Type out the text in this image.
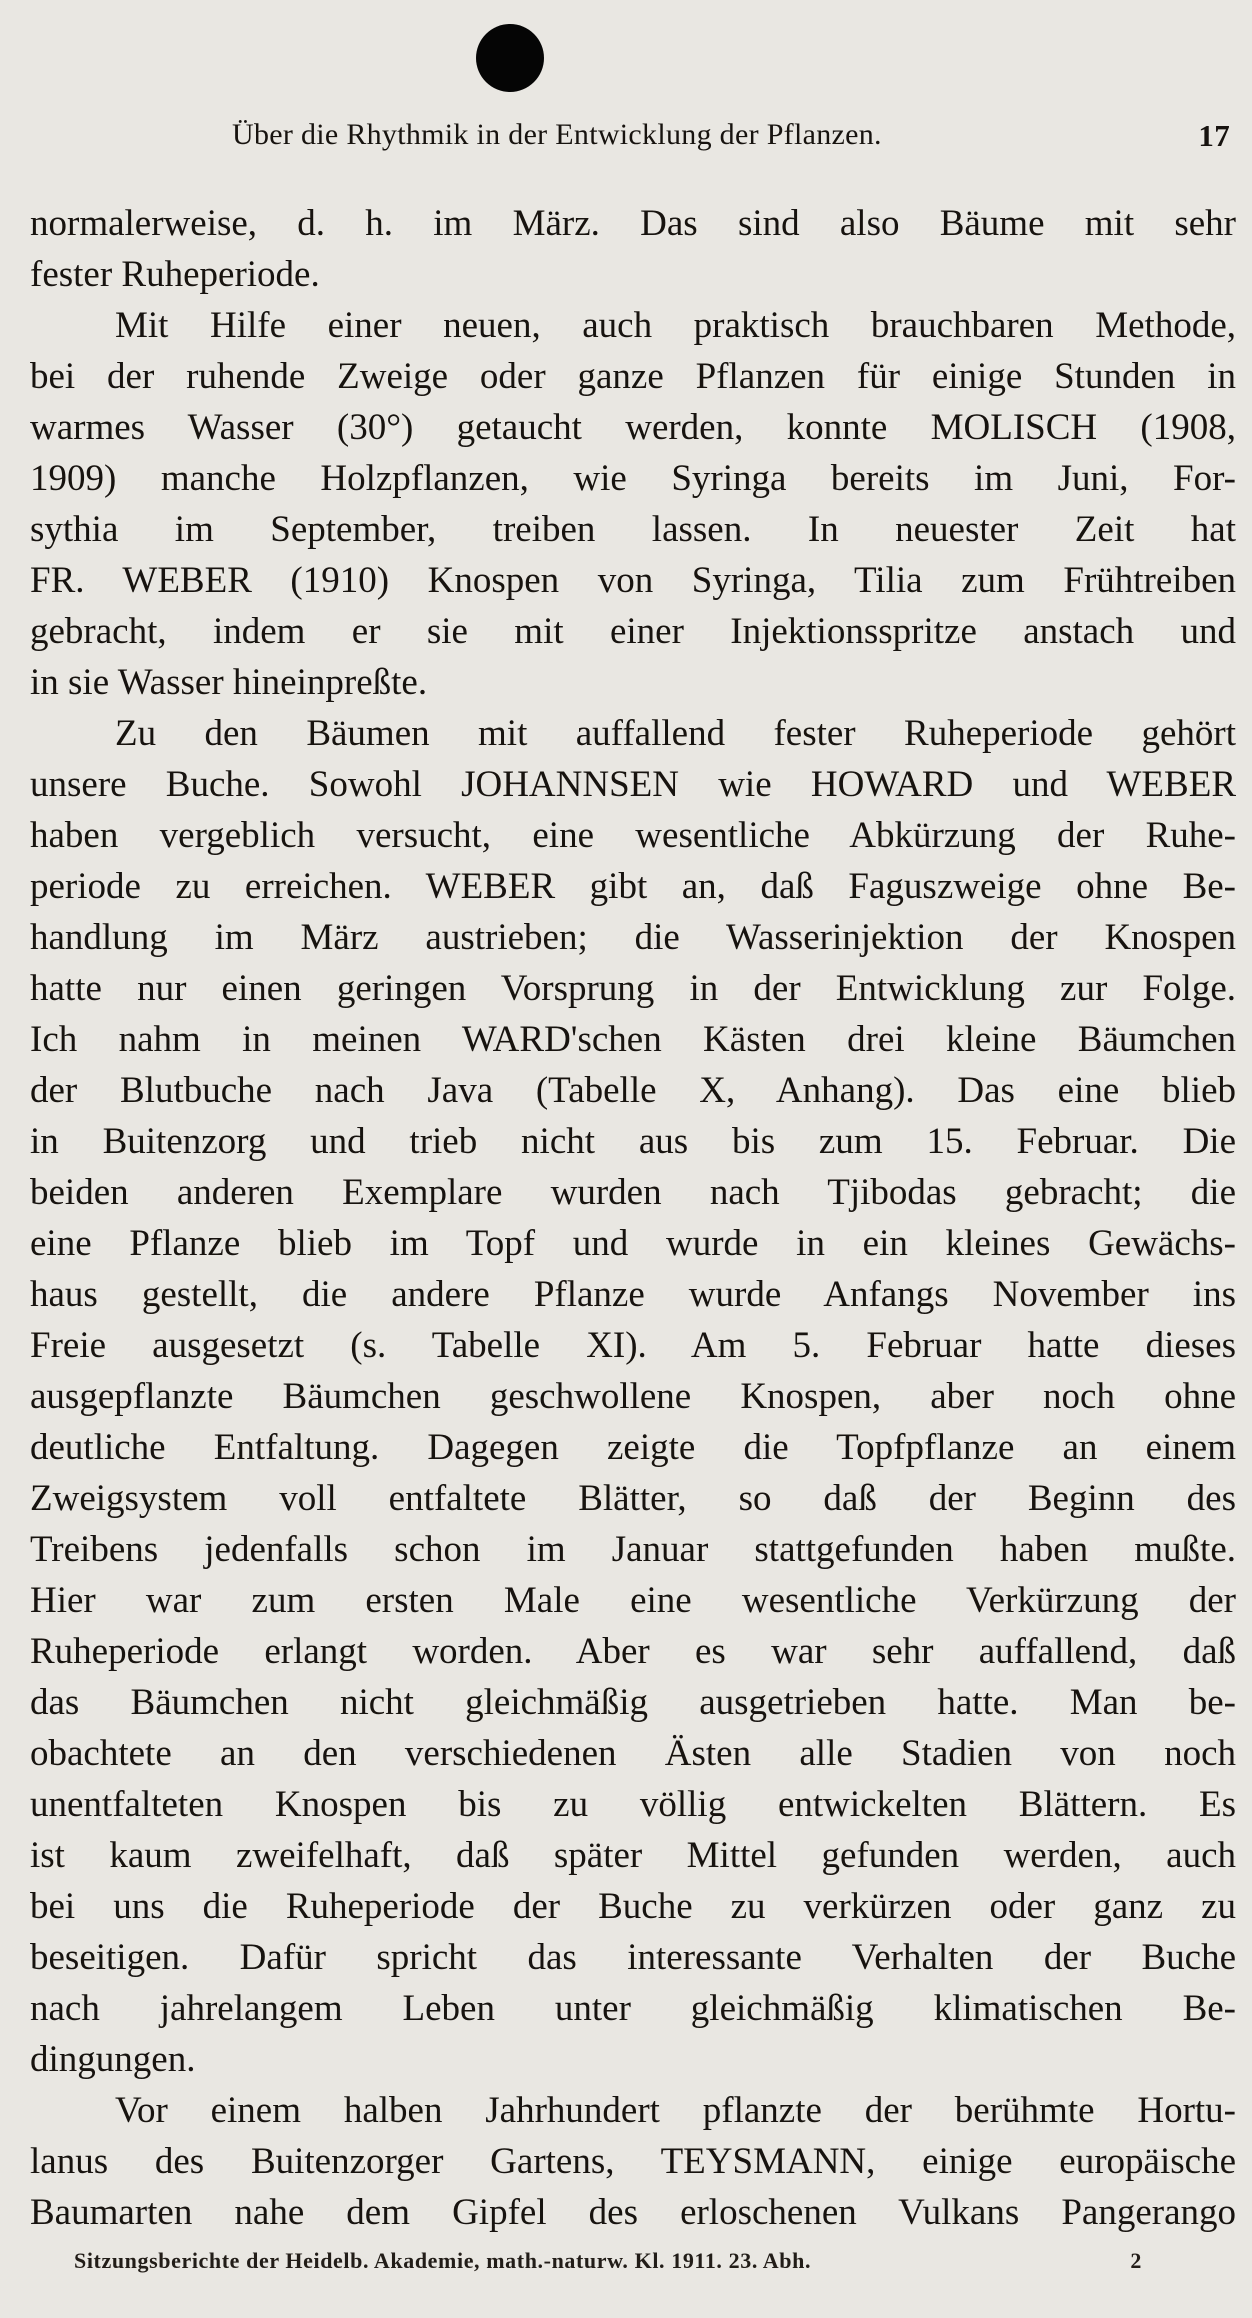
Über die Rhythmik in der Entwicklung der Pflanzen.	17
normalerweise, d. h. im März. Das sind also Bäume mit sehr
fester Ruheperiode.
Mit Hilfe einer neuen, auch praktisch brauchbaren Methode,
bei der ruhende Zweige oder ganze Pflanzen für einige Stunden in
warmes Wasser (30°) getaucht werden, konnte MOLISCH (1908,
1909) manche Holzpflanzen, wie Syringa bereits im Juni, For-
sythia im September, treiben lassen. In neuester Zeit hat
FR. WEBER (1910) Knospen von Syringa, Tilia zum Frühtreiben
gebracht, indem er sie mit einer Injektionsspritze anstach und
in sie Wasser hineinpreßte.
Zu den Bäumen mit auffallend fester Ruheperiode gehört
unsere Buche. Sowohl JOHANNSEN wie HOWARD und WEBER
haben vergeblich versucht, eine wesentliche Abkürzung der Ruhe-
periode zu erreichen. WEBER gibt an, daß Faguszweige ohne Be-
handlung im März austrieben; die Wasserinjektion der Knospen
hatte nur einen geringen Vorsprung in der Entwicklung zur Folge.
Ich nahm in meinen WARD'schen Kästen drei kleine Bäumchen
der Blutbuche nach Java (Tabelle X, Anhang). Das eine blieb
in Buitenzorg und trieb nicht aus bis zum 15. Februar. Die
beiden anderen Exemplare wurden nach Tjibodas gebracht; die
eine Pflanze blieb im Topf und wurde in ein kleines Gewächs-
haus gestellt, die andere Pflanze wurde Anfangs November ins
Freie ausgesetzt (s. Tabelle XI). Am 5. Februar hatte dieses
ausgepflanzte Bäumchen geschwollene Knospen, aber noch ohne
deutliche Entfaltung. Dagegen zeigte die Topfpflanze an einem
Zweigsystem voll entfaltete Blätter, so daß der Beginn des
Treibens jedenfalls schon im Januar stattgefunden haben mußte.
Hier war zum ersten Male eine wesentliche Verkürzung der
Ruheperiode erlangt worden. Aber es war sehr auffallend, daß
das Bäumchen nicht gleichmäßig ausgetrieben hatte. Man be-
obachtete an den verschiedenen Ästen alle Stadien von noch
unentfalteten Knospen bis zu völlig entwickelten Blättern. Es
ist kaum zweifelhaft, daß später Mittel gefunden werden, auch
bei uns die Ruheperiode der Buche zu verkürzen oder ganz zu
beseitigen. Dafür spricht das interessante Verhalten der Buche
nach jahrelangem Leben unter gleichmäßig klimatischen Be-
dingungen.
Vor einem halben Jahrhundert pflanzte der berühmte Hortu-
lanus des Buitenzorger Gartens, TEYSMANN, einige europäische
Baumarten nahe dem Gipfel des erloschenen Vulkans Pangerango
Sitzungsberichte der Heidelb. Akademie, math.-naturw. Kl. 1911. 23. Abh.	2
